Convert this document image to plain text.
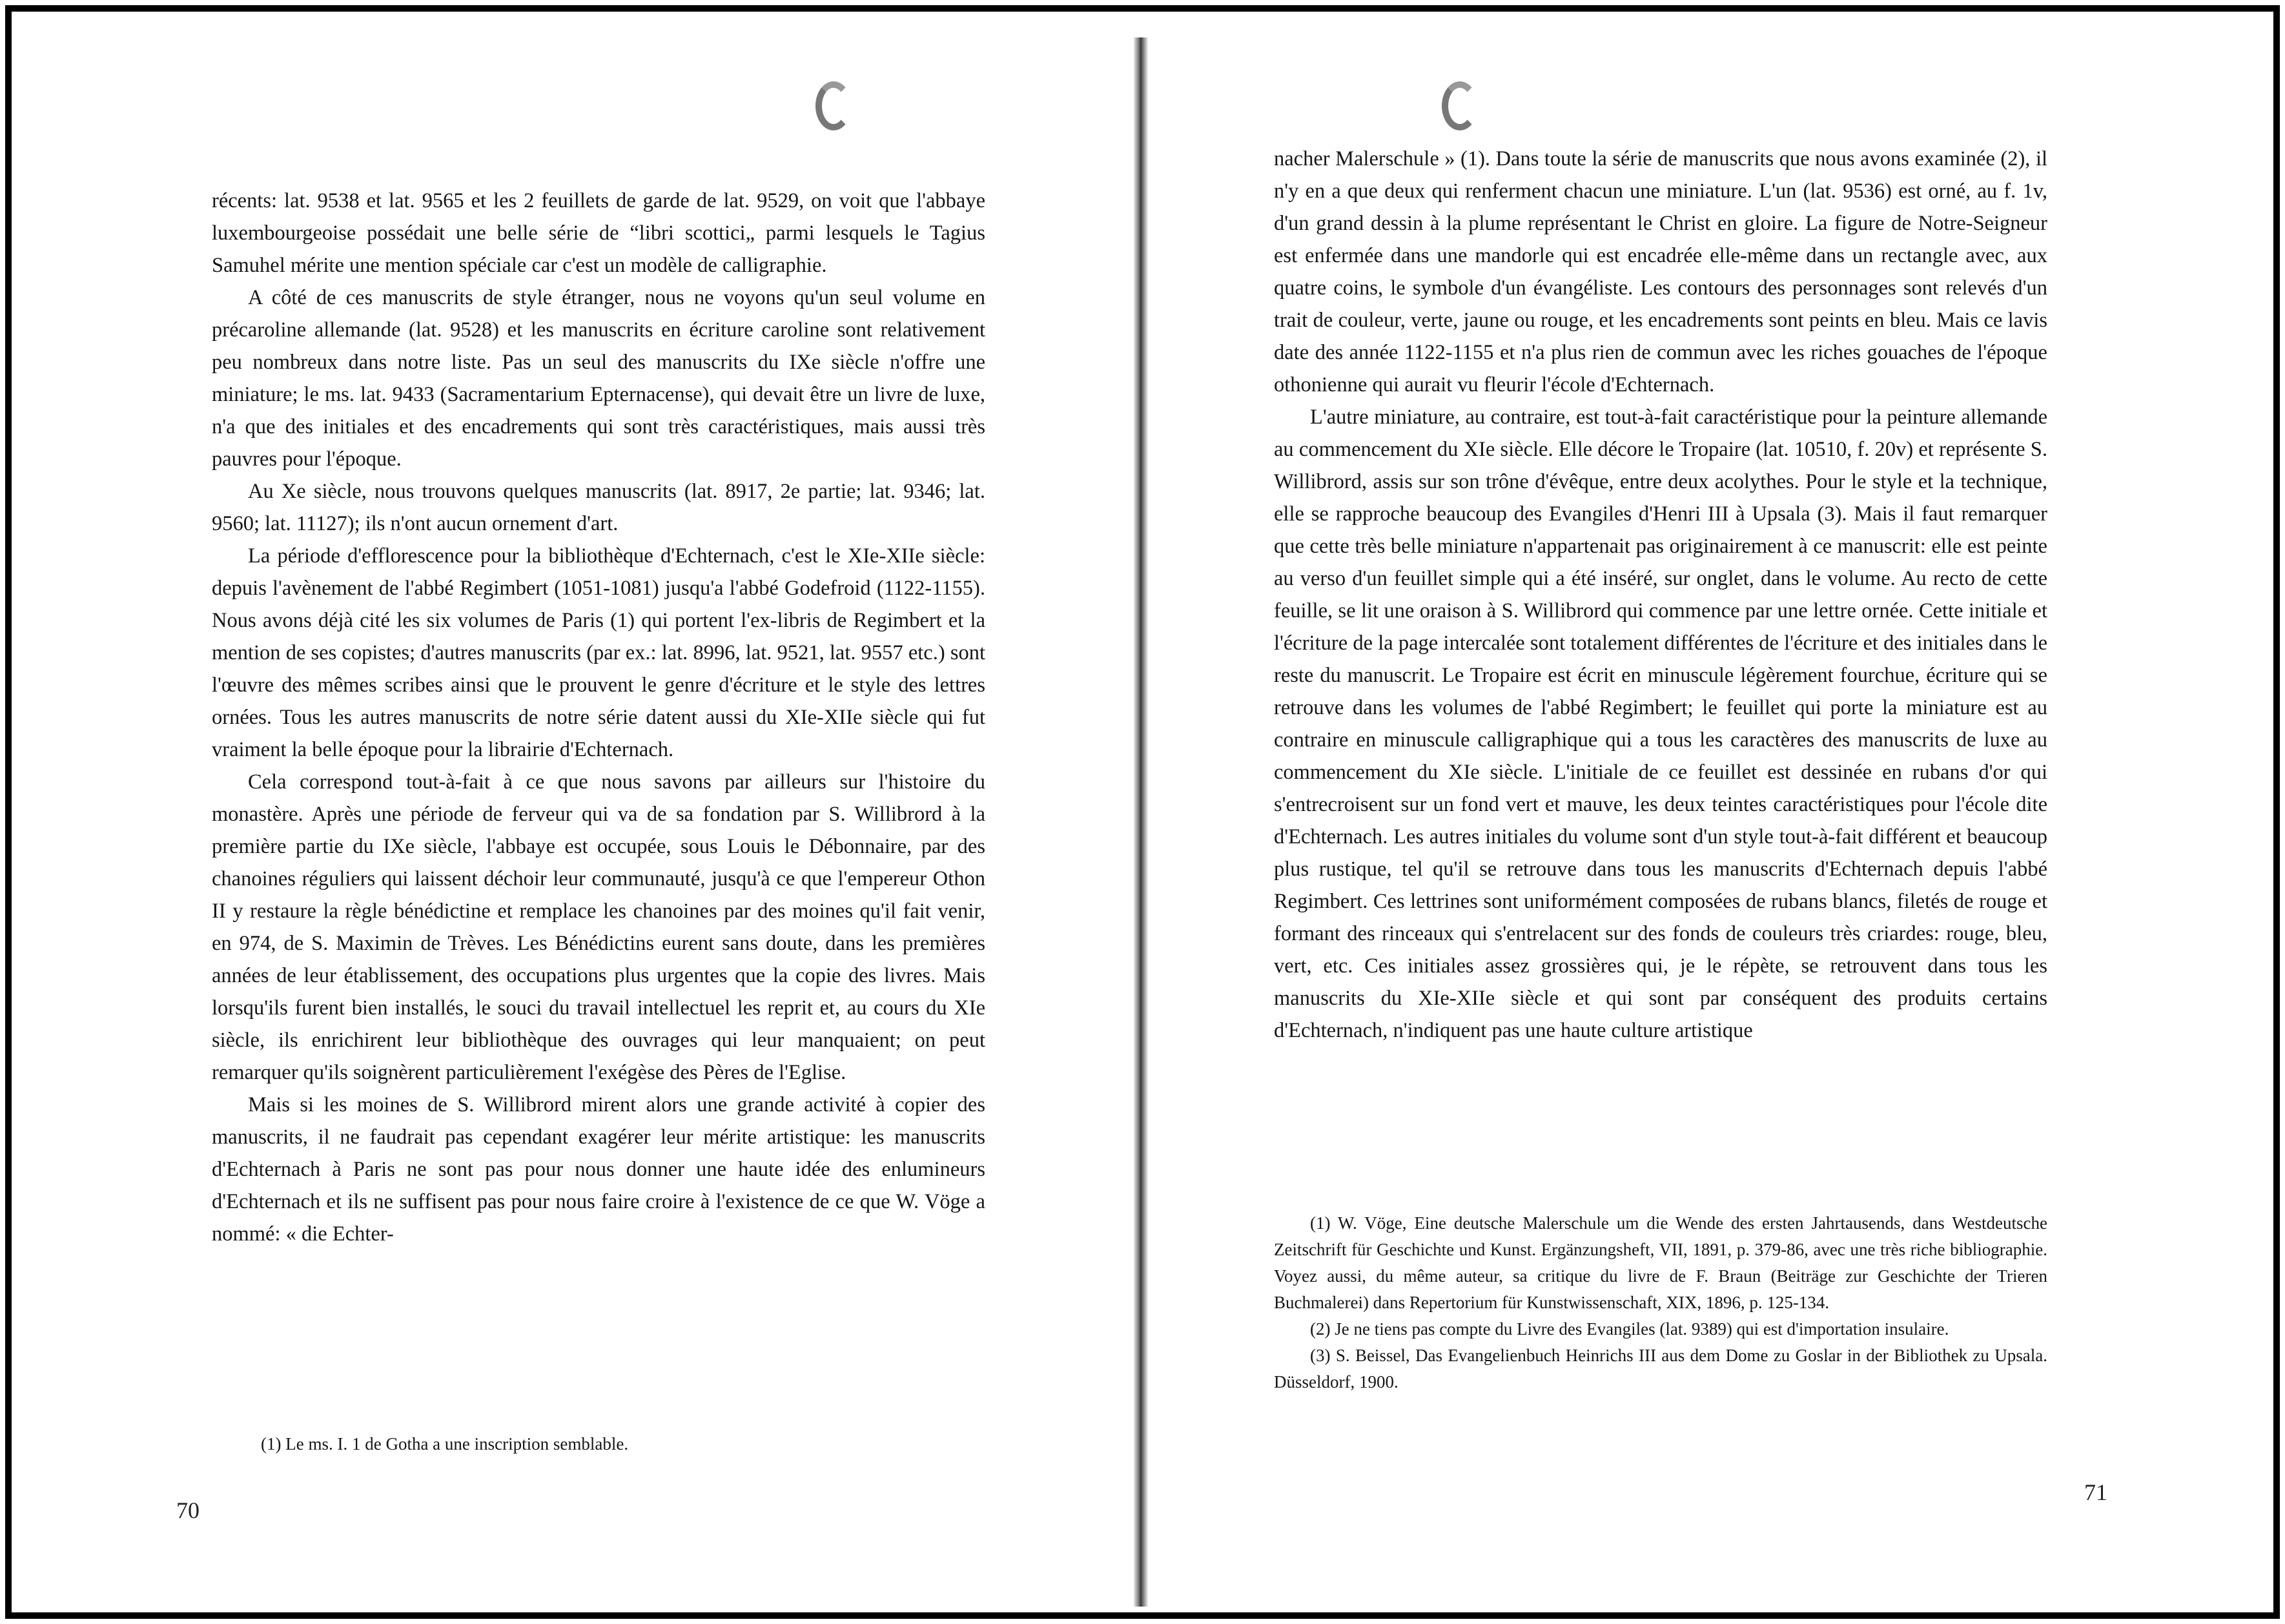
récents: lat. 9538 et lat. 9565 et les 2 feuillets de garde de lat. 9529, on voit que l'abbaye luxembourgeoise possédait une belle série de “libri scottici„ parmi lesquels le Tagius Samuhel mérite une mention spéciale car c'est un modèle de calligraphie.

A côté de ces manuscrits de style étranger, nous ne voyons qu'un seul volume en précaroline allemande (lat. 9528) et les manuscrits en écriture caroline sont relativement peu nombreux dans notre liste. Pas un seul des manuscrits du IXe siècle n'offre une miniature; le ms. lat. 9433 (Sacramentarium Epternacense), qui devait être un livre de luxe, n'a que des initiales et des encadrements qui sont très caractéristiques, mais aussi très pauvres pour l'époque.

Au Xe siècle, nous trouvons quelques manuscrits (lat. 8917, 2e partie; lat. 9346; lat. 9560; lat. 11127); ils n'ont aucun ornement d'art.

La période d'efflorescence pour la bibliothèque d'Echternach, c'est le XIe-XIIe siècle: depuis l'avènement de l'abbé Regimbert (1051-1081) jusqu'a l'abbé Godefroid (1122-1155). Nous avons déjà cité les six volumes de Paris (1) qui portent l'ex-libris de Regimbert et la mention de ses copistes; d'autres manuscrits (par ex.: lat. 8996, lat. 9521, lat. 9557 etc.) sont l'œuvre des mêmes scribes ainsi que le prouvent le genre d'écriture et le style des lettres ornées. Tous les autres manuscrits de notre série datent aussi du XIe-XIIe siècle qui fut vraiment la belle époque pour la librairie d'Echternach.

Cela correspond tout-à-fait à ce que nous savons par ailleurs sur l'histoire du monastère. Après une période de ferveur qui va de sa fondation par S. Willibrord à la première partie du IXe siècle, l'abbaye est occupée, sous Louis le Débonnaire, par des chanoines réguliers qui laissent déchoir leur communauté, jusqu'à ce que l'empereur Othon II y restaure la règle bénédictine et remplace les chanoines par des moines qu'il fait venir, en 974, de S. Maximin de Trèves. Les Bénédictins eurent sans doute, dans les premières années de leur établissement, des occupations plus urgentes que la copie des livres. Mais lorsqu'ils furent bien installés, le souci du travail intellectuel les reprit et, au cours du XIe siècle, ils enrichirent leur bibliothèque des ouvrages qui leur manquaient; on peut remarquer qu'ils soignèrent particulièrement l'exégèse des Pères de l'Eglise.

Mais si les moines de S. Willibrord mirent alors une grande activité à copier des manuscrits, il ne faudrait pas cependant exagérer leur mérite artistique: les manuscrits d'Echternach à Paris ne sont pas pour nous donner une haute idée des enlumineurs d'Echternach et ils ne suffisent pas pour nous faire croire à l'existence de ce que W. Vöge a nommé: « die Echter-

(1) Le ms. I. 1 de Gotha a une inscription semblable.

70

nacher Malerschule » (1). Dans toute la série de manuscrits que nous avons examinée (2), il n'y en a que deux qui renferment chacun une miniature. L'un (lat. 9536) est orné, au f. 1v, d'un grand dessin à la plume représentant le Christ en gloire. La figure de Notre-Seigneur est enfermée dans une mandorle qui est encadrée elle-même dans un rectangle avec, aux quatre coins, le symbole d'un évangéliste. Les contours des personnages sont relevés d'un trait de couleur, verte, jaune ou rouge, et les encadrements sont peints en bleu. Mais ce lavis date des année 1122-1155 et n'a plus rien de commun avec les riches gouaches de l'époque othonienne qui aurait vu fleurir l'école d'Echternach.

L'autre miniature, au contraire, est tout-à-fait caractéristique pour la peinture allemande au commencement du XIe siècle. Elle décore le Tropaire (lat. 10510, f. 20v) et représente S. Willibrord, assis sur son trône d'évêque, entre deux acolythes. Pour le style et la technique, elle se rapproche beaucoup des Evangiles d'Henri III à Upsala (3). Mais il faut remarquer que cette très belle miniature n'appartenait pas originairement à ce manuscrit: elle est peinte au verso d'un feuillet simple qui a été inséré, sur onglet, dans le volume. Au recto de cette feuille, se lit une oraison à S. Willibrord qui commence par une lettre ornée. Cette initiale et l'écriture de la page intercalée sont totalement différentes de l'écriture et des initiales dans le reste du manuscrit. Le Tropaire est écrit en minuscule légèrement fourchue, écriture qui se retrouve dans les volumes de l'abbé Regimbert; le feuillet qui porte la miniature est au contraire en minuscule calligraphique qui a tous les caractères des manuscrits de luxe au commencement du XIe siècle. L'initiale de ce feuillet est dessinée en rubans d'or qui s'entrecroisent sur un fond vert et mauve, les deux teintes caractéristiques pour l'école dite d'Echternach. Les autres initiales du volume sont d'un style tout-à-fait différent et beaucoup plus rustique, tel qu'il se retrouve dans tous les manuscrits d'Echternach depuis l'abbé Regimbert. Ces lettrines sont uniformément composées de rubans blancs, filetés de rouge et formant des rinceaux qui s'entrelacent sur des fonds de couleurs très criardes: rouge, bleu, vert, etc. Ces initiales assez grossières qui, je le répète, se retrouvent dans tous les manuscrits du XIe-XIIe siècle et qui sont par conséquent des produits certains d'Echternach, n'indiquent pas une haute culture artistique

(1) W. Vöge, Eine deutsche Malerschule um die Wende des ersten Jahrtausends, dans Westdeutsche Zeitschrift für Geschichte und Kunst. Ergänzungsheft, VII, 1891, p. 379-86, avec une très riche bibliographie. Voyez aussi, du même auteur, sa critique du livre de F. Braun (Beiträge zur Geschichte der Trieren Buchmalerei) dans Repertorium für Kunstwissenschaft, XIX, 1896, p. 125-134.

(2) Je ne tiens pas compte du Livre des Evangiles (lat. 9389) qui est d'importation insulaire.

(3) S. Beissel, Das Evangelienbuch Heinrichs III aus dem Dome zu Goslar in der Bibliothek zu Upsala. Düsseldorf, 1900.

71
